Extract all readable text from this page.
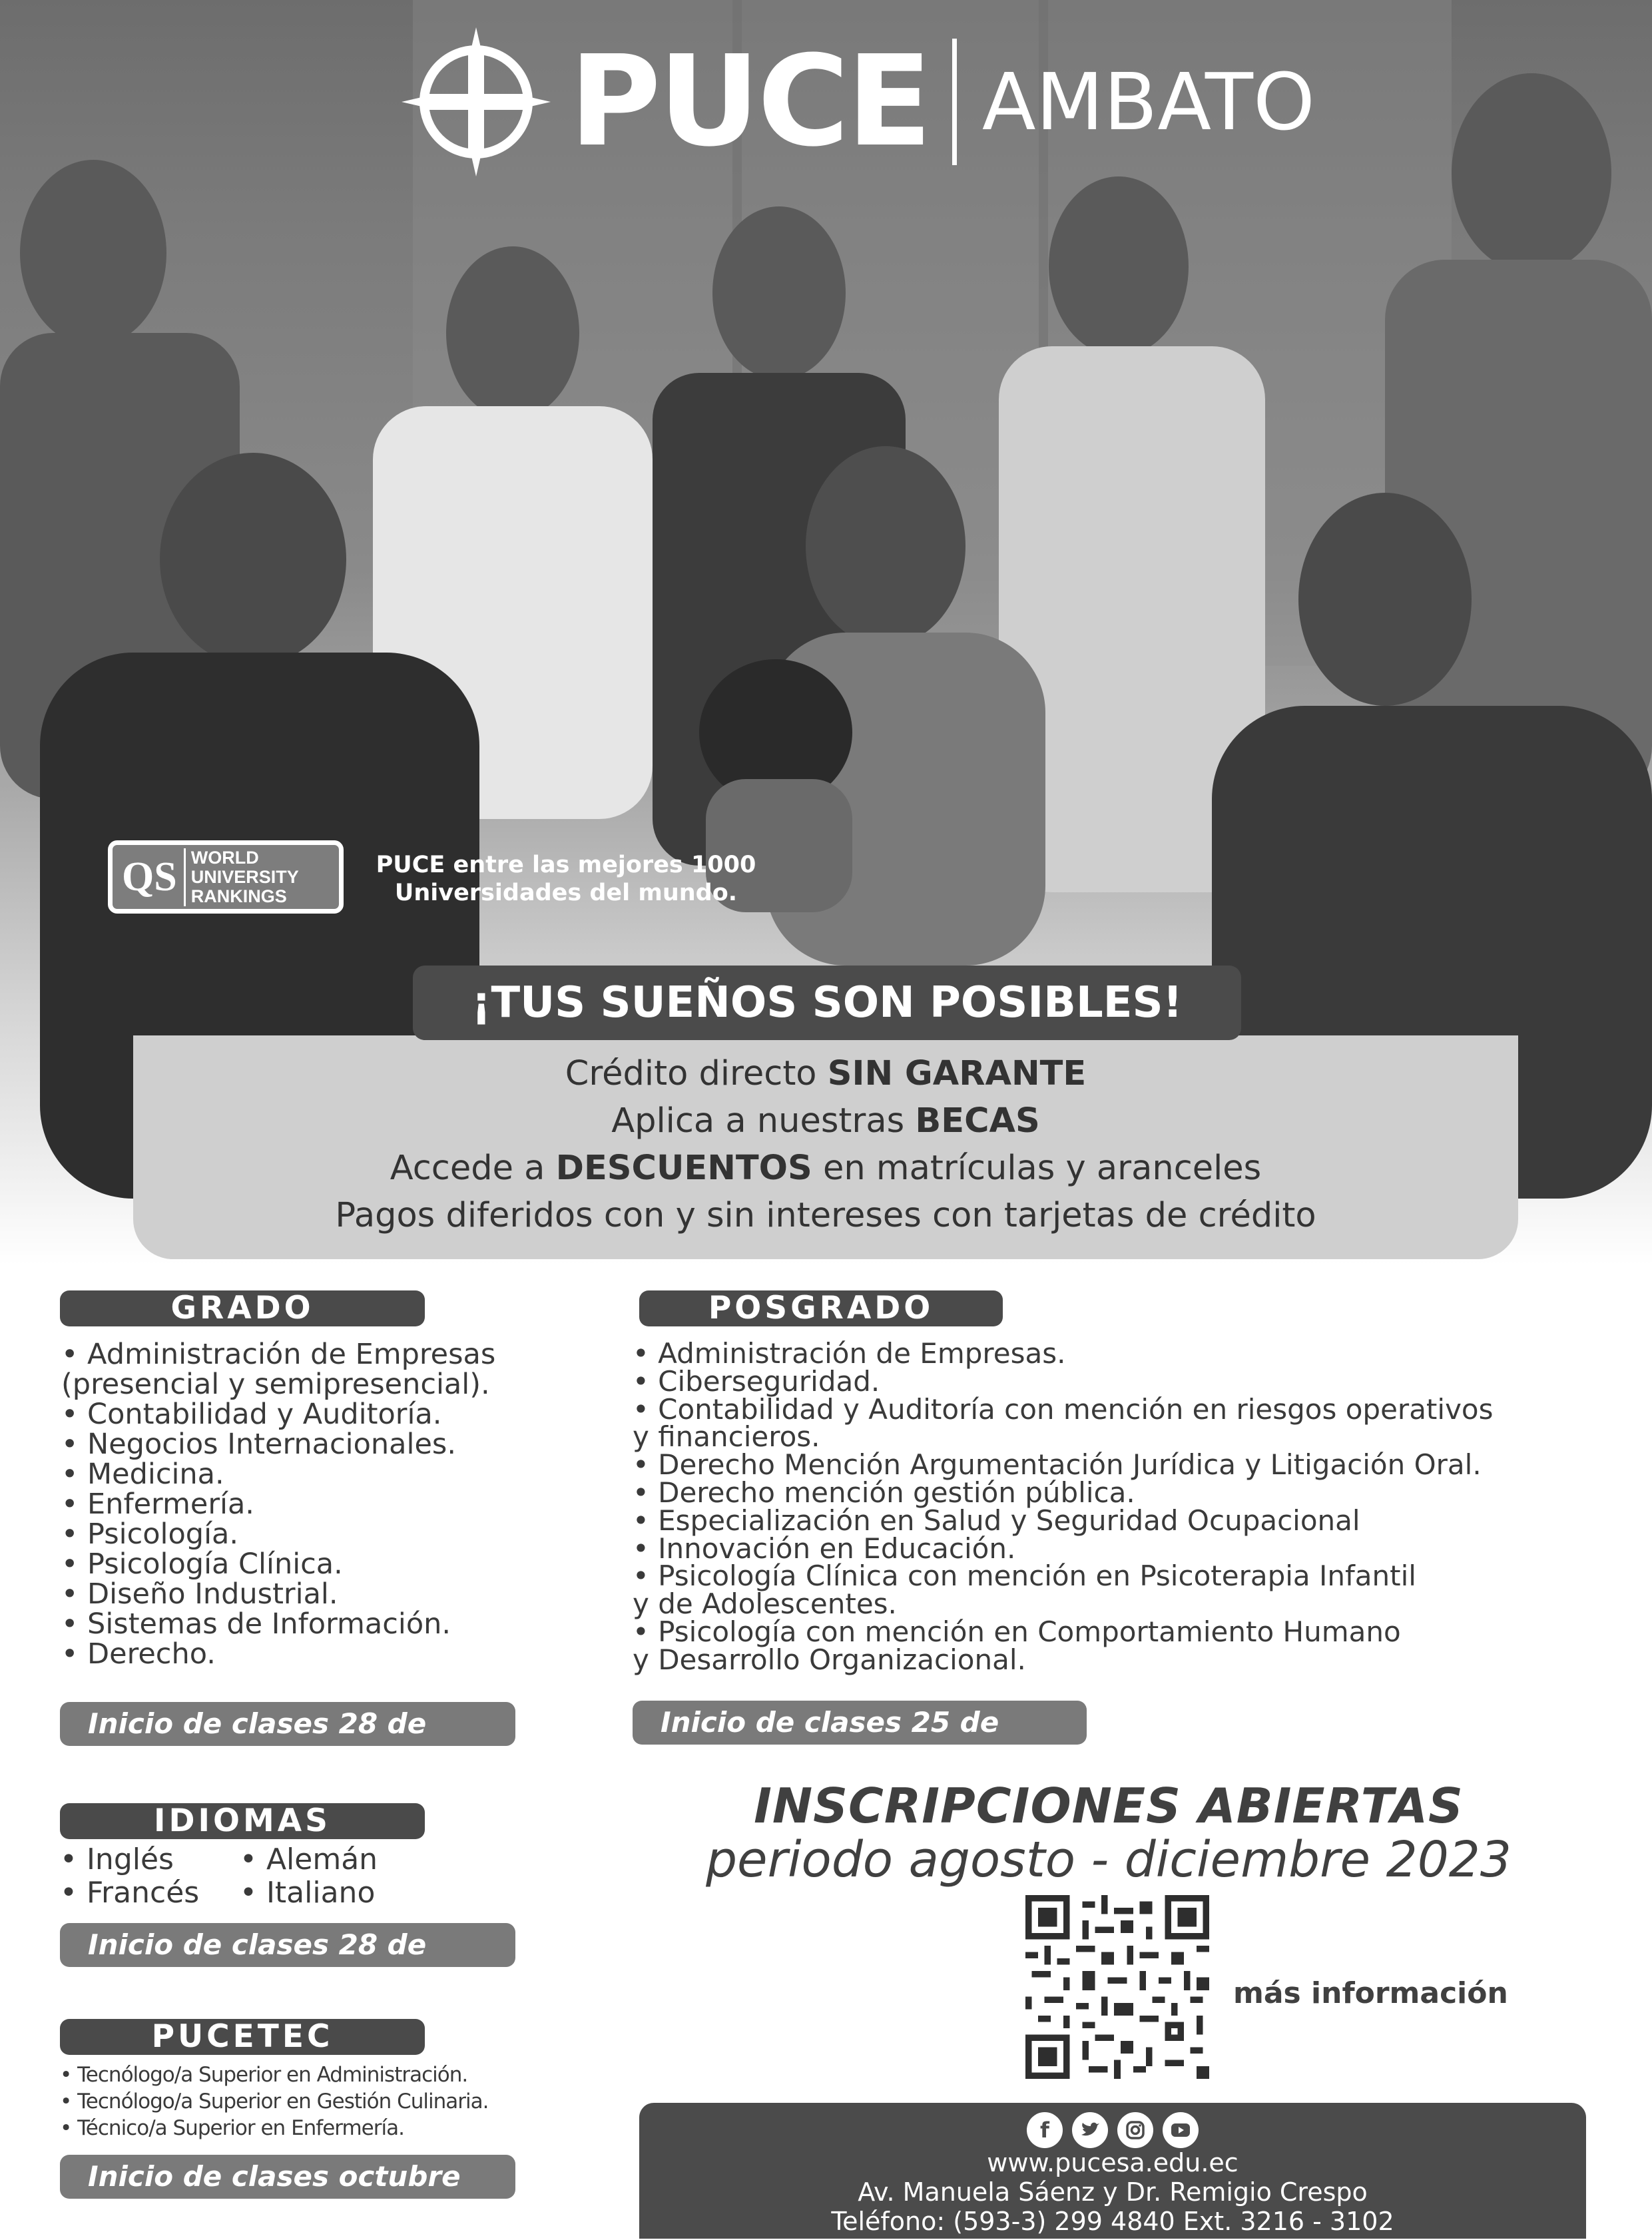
PUCE AMBATO
QS WORLD
UNIVERSITY
RANKINGS
PUCE entre las mejores 1000
Universidades del mundo.
Crédito directo SIN GARANTE
Aplica a nuestras BECAS
Accede a DESCUENTOS en matrículas y aranceles
Pagos diferidos con y sin intereses con tarjetas de crédito
¡TUS SUEÑOS SON POSIBLES!
GRADO
• Administración de Empresas
(presencial y semipresencial).
• Contabilidad y Auditoría.
• Negocios Internacionales.
• Medicina.
• Enfermería.
• Psicología.
• Psicología Clínica.
• Diseño Industrial.
• Sistemas de Información.
• Derecho.
Inicio de clases 28 de agosto
POSGRADO
• Administración de Empresas.
• Ciberseguridad.
• Contabilidad y Auditoría con mención en riesgos operativos
y financieros.
• Derecho Mención Argumentación Jurídica y Litigación Oral.
• Derecho mención gestión pública.
• Especialización en Salud y Seguridad Ocupacional
• Innovación en Educación.
• Psicología Clínica con mención en Psicoterapia Infantil
y de Adolescentes.
• Psicología con mención en Comportamiento Humano
y Desarrollo Organizacional.
Inicio de clases 25 de agosto
IDIOMAS
• Inglés	• Alemán
• Francés	• Italiano
Inicio de clases 28 de agosto
PUCETEC
• Tecnólogo/a Superior en Administración.
• Tecnólogo/a Superior en Gestión Culinaria.
• Técnico/a Superior en Enfermería.
Inicio de clases octubre
INSCRIPCIONES ABIERTAS
periodo agosto - diciembre 2023
más información
f
www.pucesa.edu.ec
Av. Manuela Sáenz y Dr. Remigio Crespo
Teléfono: (593-3) 299 4840 Ext. 3216 - 3102
